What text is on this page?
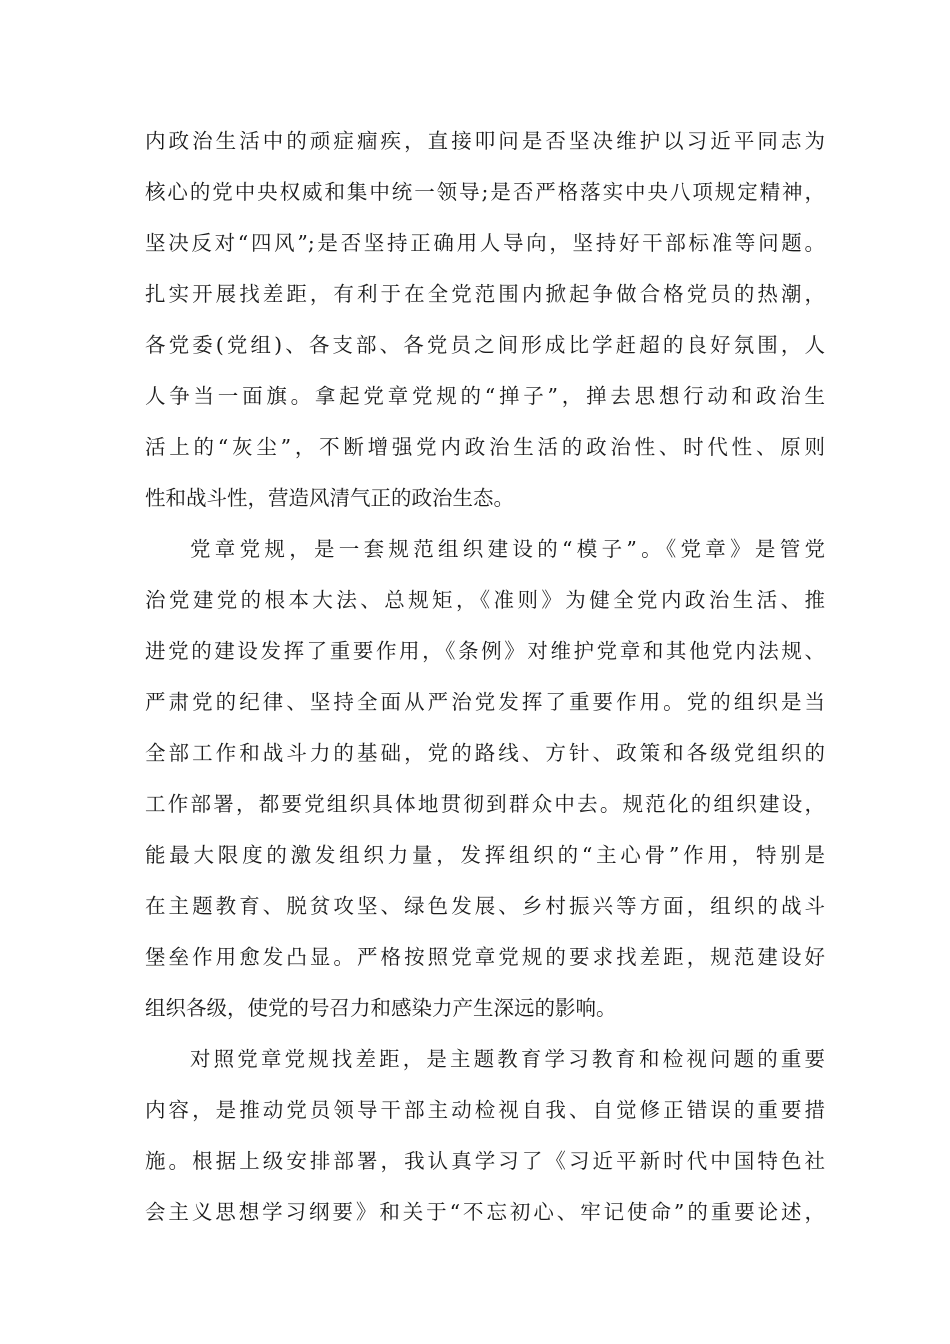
内政治生活中的顽症痼疾，直接叩问是否坚决维护以习近平同志为
核心的党中央权威和集中统一领导;是否严格落实中央八项规定精神，
坚决反对“四风”;是否坚持正确用人导向，坚持好干部标准等问题。
扎实开展找差距，有利于在全党范围内掀起争做合格党员的热潮，
各党委(党组)、各支部、各党员之间形成比学赶超的良好氛围，人
人争当一面旗。拿起党章党规的“掸子”，掸去思想行动和政治生
活上的“灰尘”，不断增强党内政治生活的政治性、时代性、原则
性和战斗性，营造风清气正的政治生态。
党章党规，是一套规范组织建设的“模子”。《党章》是管党
治党建党的根本大法、总规矩，《准则》为健全党内政治生活、推
进党的建设发挥了重要作用，《条例》对维护党章和其他党内法规、
严肃党的纪律、坚持全面从严治党发挥了重要作用。党的组织是当
全部工作和战斗力的基础，党的路线、方针、政策和各级党组织的
工作部署，都要党组织具体地贯彻到群众中去。规范化的组织建设，
能最大限度的激发组织力量，发挥组织的“主心骨”作用，特别是
在主题教育、脱贫攻坚、绿色发展、乡村振兴等方面，组织的战斗
堡垒作用愈发凸显。严格按照党章党规的要求找差距，规范建设好
组织各级，使党的号召力和感染力产生深远的影响。
对照党章党规找差距，是主题教育学习教育和检视问题的重要
内容，是推动党员领导干部主动检视自我、自觉修正错误的重要措
施。根据上级安排部署，我认真学习了《习近平新时代中国特色社
会主义思想学习纲要》和关于“不忘初心、牢记使命”的重要论述，
